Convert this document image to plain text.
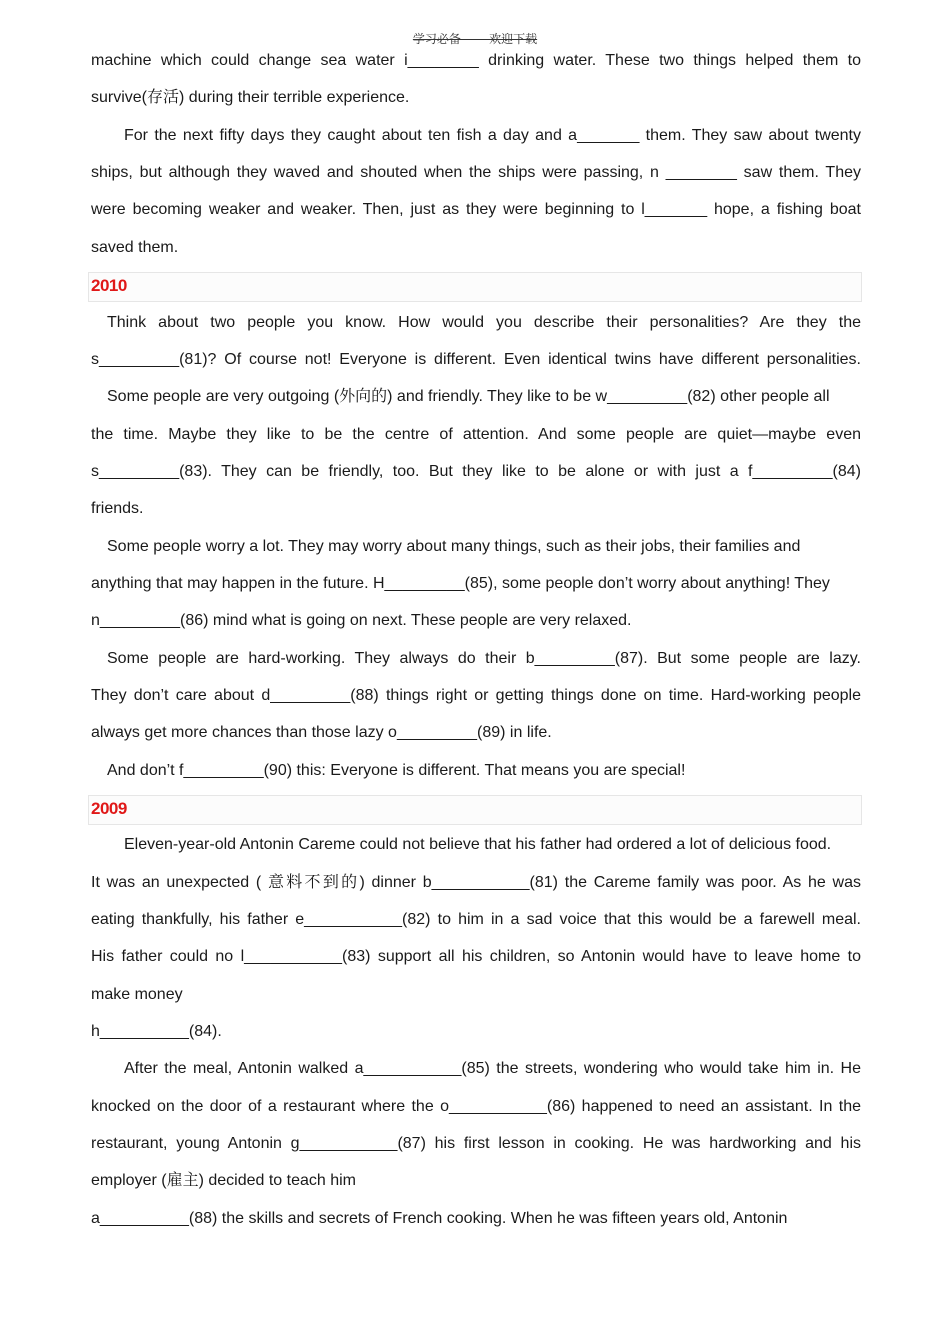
学习必备 - - - 欢迎下载
machine which could change sea water i________ drinking water. These two things helped them to
survive(存活) during their terrible experience.
For the next fifty days they caught about ten fish a day and a_______ them. They saw about twenty
ships, but although they waved and shouted when the ships were passing, n ________ saw them. They
were becoming weaker and weaker. Then, just as they were beginning to l_______ hope, a fishing boat
saved them.
2010
Think about two people you know. How would you describe their personalities? Are they the
s_________(81)? Of course not! Everyone is different. Even identical twins have different personalities.
Some people are very outgoing (外向的) and friendly. They like to be w_________(82) other people all
the time. Maybe they like to be the centre of attention. And some people are quiet—maybe even
s_________(83). They can be friendly, too. But they like to be alone or with just a f_________(84)
friends.
Some people worry a lot. They may worry about many things, such as their jobs, their families and
anything that may happen in the future. H_________(85), some people don’t worry about anything! They
n_________(86) mind what is going on next. These people are very relaxed.
Some people are hard-working. They always do their b_________(87). But some people are lazy.
They don’t care about d_________(88) things right or getting things done on time. Hard-working people
always get more chances than those lazy o_________(89) in life.
And don’t f_________(90) this: Everyone is different. That means you are special!
2009
Eleven-year-old Antonin Careme could not believe that his father had ordered a lot of delicious food.
It was an unexpected ( 意料不到的) dinner b___________(81) the Careme family was poor. As he was
eating thankfully, his father e___________(82) to him in a sad voice that this would be a farewell meal.
His father could no l___________(83) support all his children, so Antonin would have to leave home to
make money
h__________(84).
After the meal, Antonin walked a___________(85) the streets, wondering who would take him in. He
knocked on the door of a restaurant where the o___________(86) happened to need an assistant. In the
restaurant, young Antonin g___________(87) his first lesson in cooking. He was hardworking and his
employer (雇主) decided to teach him
a__________(88) the skills and secrets of French cooking. When he was fifteen years old, Antonin
